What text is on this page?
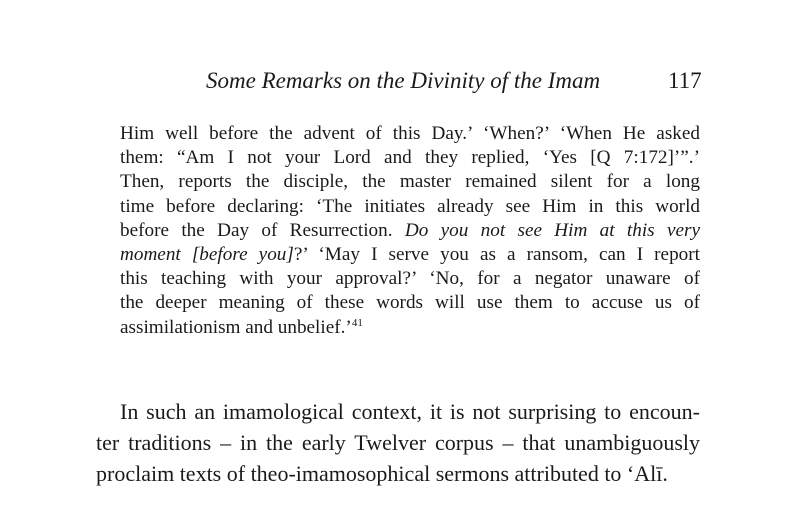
Some Remarks on the Divinity of the Imam	117
Him well before the advent of this Day.’ ‘When?’ ‘When He asked
them: “Am I not your Lord and they replied, ‘Yes [Q 7:172]’”.’
Then, reports the disciple, the master remained silent for a long
time before declaring: ‘The initiates already see Him in this world
before the Day of Resurrection. Do you not see Him at this very
moment [before you]?’ ‘May I serve you as a ransom, can I report
this teaching with your approval?’ ‘No, for a negator unaware of
the deeper meaning of these words will use them to accuse us of
assimilationism and unbelief.’$^{41}$
In such an imamological context, it is not surprising to encoun-
ter traditions – in the early Twelver corpus – that unambiguously
proclaim texts of theo-imamosophical sermons attributed to ‘Alī.
